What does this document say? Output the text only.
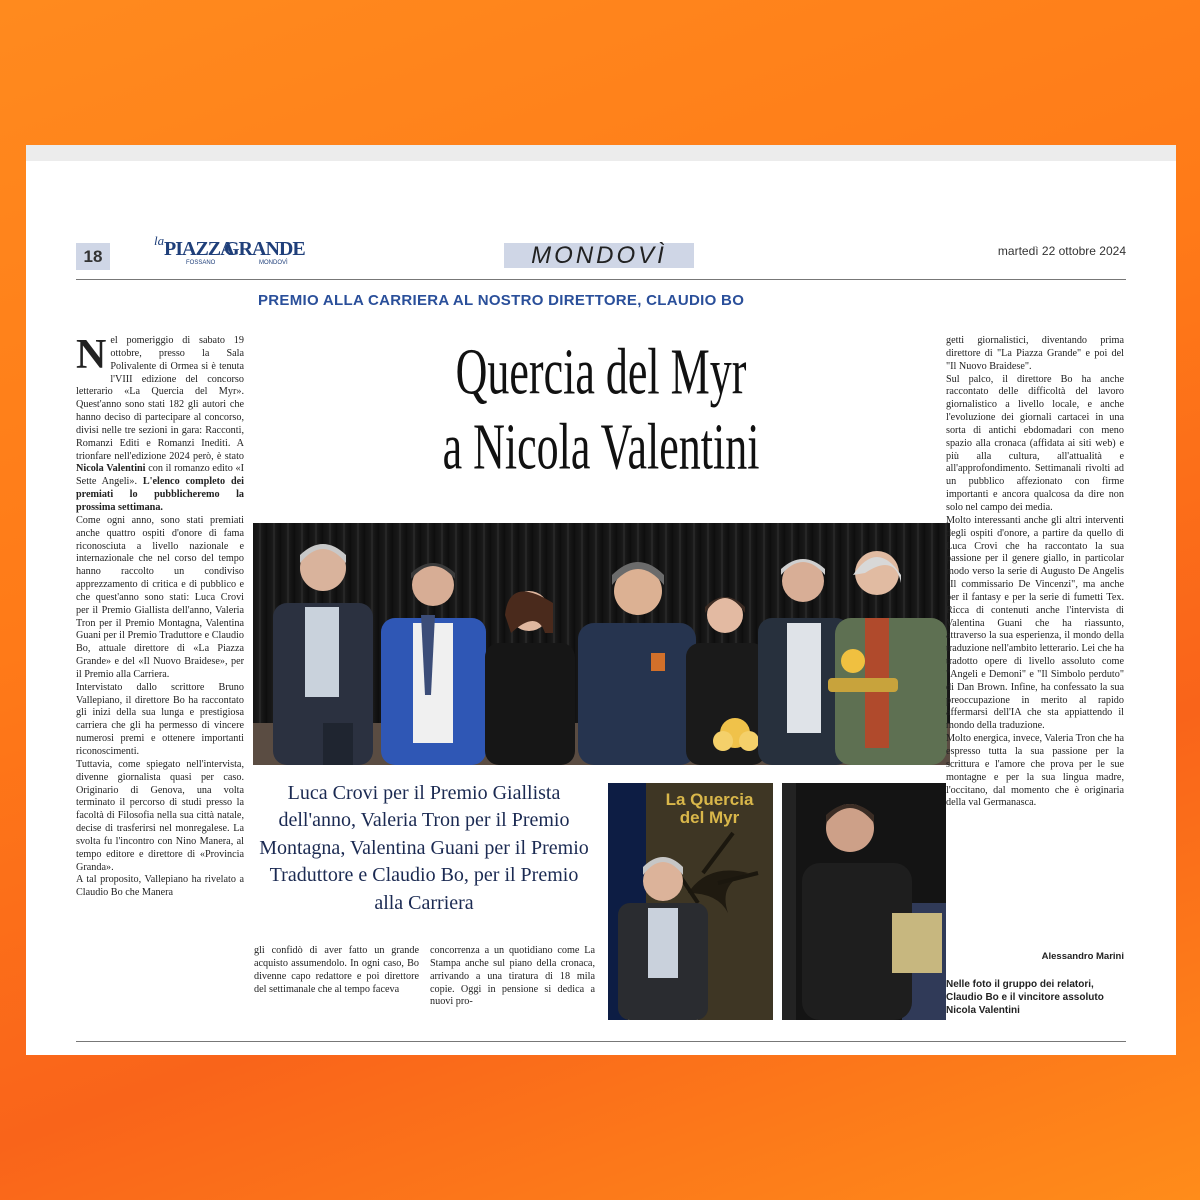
18
la PIAZZA
GRANDE
FOSSANO	MONDOVÌ	MONDOVÌ	martedì 22 ottobre 2024
PREMIO ALLA CARRIERA AL NOSTRO DIRETTORE, CLAUDIO BO

Nel pomeriggio di sabato 19 ottobre, presso la Sala Polivalente di Ormea si è tenuta l'VIII edizione del concorso letterario «La Quercia del Myr». Quest'anno sono stati 182 gli autori che hanno deciso di partecipare al concorso, divisi nelle tre sezioni in gara: Racconti, Romanzi Editi e Romanzi Inediti. A trionfare nell'edizione 2024 però, è stato Nicola Valentini con il romanzo edito «I Sette Angeli». L'elenco completo dei premiati lo pubblicheremo la prossima settimana.

Come ogni anno, sono stati premiati anche quattro ospiti d'onore di fama riconosciuta a livello nazionale e internazionale che nel corso del tempo hanno raccolto un condiviso apprezzamento di critica e di pubblico e che quest'anno sono stati: Luca Crovi per il Premio Giallista dell'anno, Valeria Tron per il Premio Montagna, Valentina Guani per il Premio Traduttore e Claudio Bo, attuale direttore di «La Piazza Grande» e del «Il Nuovo Braidese», per il Premio alla Carriera.

Intervistato dallo scrittore Bruno Vallepiano, il direttore Bo ha raccontato gli inizi della sua lunga e prestigiosa carriera che gli ha permesso di vincere numerosi premi e ottenere importanti riconoscimenti.

Tuttavia, come spiegato nell'intervista, divenne giornalista quasi per caso. Originario di Genova, una volta terminato il percorso di studi presso la facoltà di Filosofia nella sua città natale, decise di trasferirsi nel monregalese. La svolta fu l'incontro con Nino Manera, al tempo editore e direttore di «Provincia Granda».

A tal proposito, Vallepiano ha rivelato a Claudio Bo che Manera

Quercia del Myr
a Nicola Valentini
Luca Crovi per il Premio Giallista dell'anno, Valeria Tron per il Premio Montagna, Valentina Guani per il Premio Traduttore e Claudio Bo, per il Premio alla Carriera
gli confidò di aver fatto un grande acquisto assumendolo. In ogni caso, Bo divenne capo redattore e poi direttore del settimanale che al tempo faceva
concorrenza a un quotidiano come La Stampa anche sul piano della cronaca, arrivando a una tiratura di 18 mila copie. Oggi in pensione si dedica a nuovi pro-
La Quercia
del Myr

getti giornalistici, diventando prima direttore di "La Piazza Grande" e poi del "Il Nuovo Braidese".

Sul palco, il direttore Bo ha anche raccontato delle difficoltà del lavoro giornalistico a livello locale, e anche l'evoluzione dei giornali cartacei in una sorta di antichi ebdomadari con meno spazio alla cronaca (affidata ai siti web) e più alla cultura, all'attualità e all'approfondimento. Settimanali rivolti ad un pubblico affezionato con firme importanti e ancora qualcosa da dire non solo nel campo dei media.

Molto interessanti anche gli altri interventi degli ospiti d'onore, a partire da quello di Luca Crovi che ha raccontato la sua passione per il genere giallo, in particolar modo verso la serie di Augusto De Angelis "Il commissario De Vincenzi", ma anche per il fantasy e per la serie di fumetti Tex. Ricca di contenuti anche l'intervista di Valentina Guani che ha riassunto, attraverso la sua esperienza, il mondo della traduzione nell'ambito letterario. Lei che ha tradotto opere di livello assoluto come "Angeli e Demoni" e "Il Simbolo perduto" di Dan Brown. Infine, ha confessato la sua preoccupazione in merito al rapido affermarsi dell'IA che sta appiattendo il mondo della traduzione.

Molto energica, invece, Valeria Tron che ha espresso tutta la sua passione per la scrittura e l'amore che prova per le sue montagne e per la sua lingua madre, l'occitano, dal momento che è originaria della val Germanasca.

Alessandro Marini
Nelle foto il gruppo dei relatori, Claudio Bo e il vincitore assoluto Nicola Valentini
